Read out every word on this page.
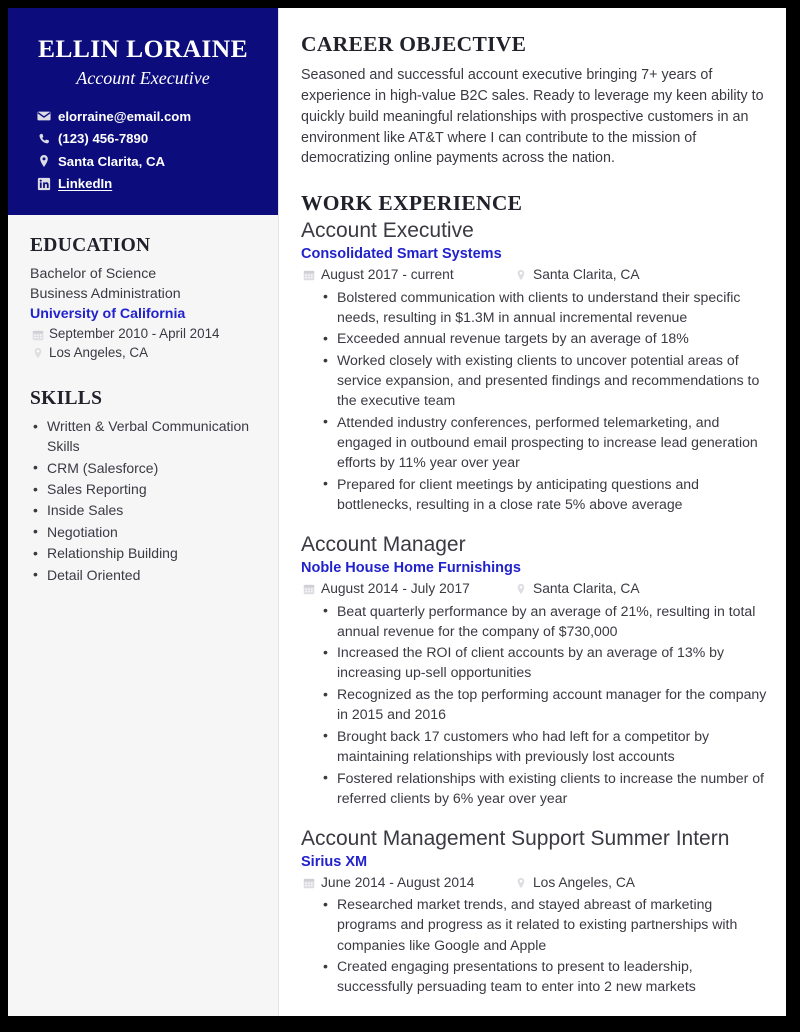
ELLIN LORAINE
Account Executive
elorraine@email.com
(123) 456-7890
Santa Clarita, CA
LinkedIn
EDUCATION
Bachelor of Science
Business Administration
University of California
September 2010 - April 2014
Los Angeles, CA
SKILLS
• Written & Verbal Communication Skills
• CRM (Salesforce)
• Sales Reporting
• Inside Sales
• Negotiation
• Relationship Building
• Detail Oriented
CAREER OBJECTIVE

Seasoned and successful account executive bringing 7+ years of experience in high-value B2C sales. Ready to leverage my keen ability to quickly build meaningful relationships with prospective customers in an environment like AT&T where I can contribute to the mission of democratizing online payments across the nation.

WORK EXPERIENCE
Account Executive
Consolidated Smart Systems
August 2017 - current	Santa Clarita, CA
• Bolstered communication with clients to understand their specific needs, resulting in $1.3M in annual incremental revenue
• Exceeded annual revenue targets by an average of 18%
• Worked closely with existing clients to uncover potential areas of service expansion, and presented findings and recommendations to the executive team
• Attended industry conferences, performed telemarketing, and engaged in outbound email prospecting to increase lead generation efforts by 11% year over year
• Prepared for client meetings by anticipating questions and bottlenecks, resulting in a close rate 5% above average
Account Manager
Noble House Home Furnishings
August 2014 - July 2017	Santa Clarita, CA
• Beat quarterly performance by an average of 21%, resulting in total annual revenue for the company of $730,000
• Increased the ROI of client accounts by an average of 13% by increasing up-sell opportunities
• Recognized as the top performing account manager for the company in 2015 and 2016
• Brought back 17 customers who had left for a competitor by maintaining relationships with previously lost accounts
• Fostered relationships with existing clients to increase the number of referred clients by 6% year over year
Account Management Support Summer Intern
Sirius XM
June 2014 - August 2014	Los Angeles, CA
• Researched market trends, and stayed abreast of marketing programs and progress as it related to existing partnerships with companies like Google and Apple
• Created engaging presentations to present to leadership, successfully persuading team to enter into 2 new markets
